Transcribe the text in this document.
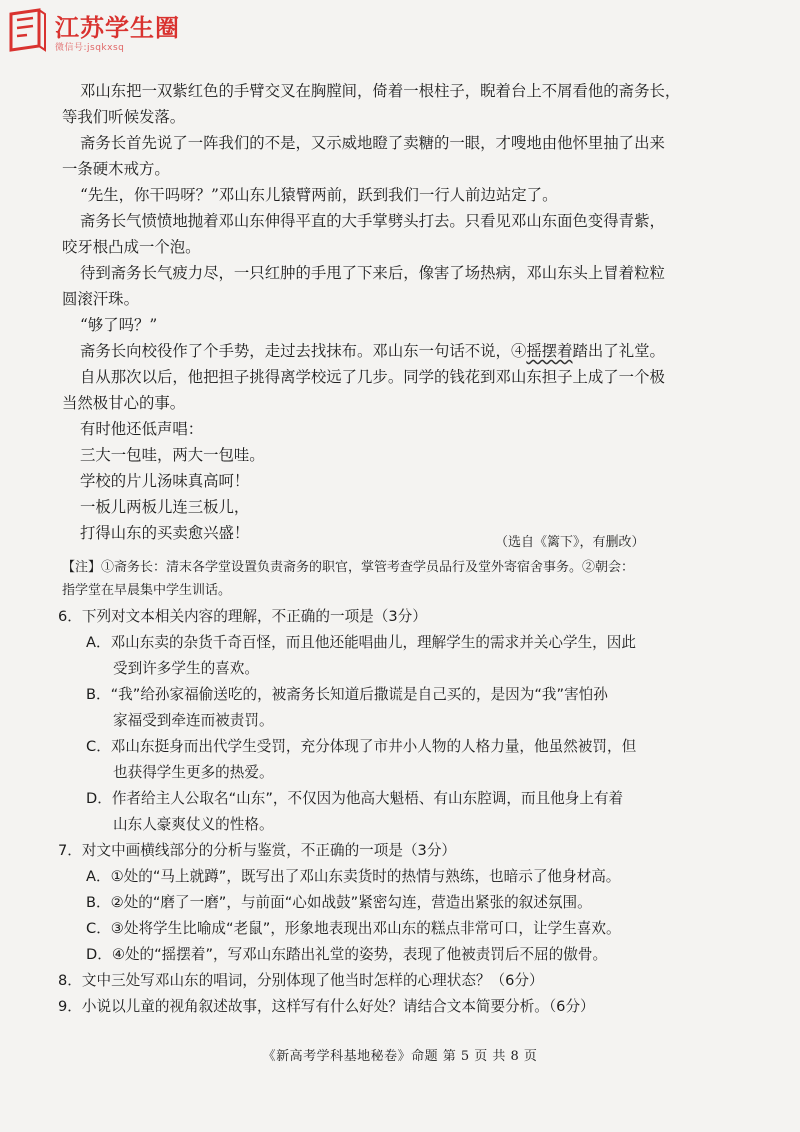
江苏学生圈
微信号:jsqkxsq
邓山东把一双紫红色的手臂交叉在胸膛间，倚着一根柱子，睨着台上不屑看他的斋务长，
等我们听候发落。
斋务长首先说了一阵我们的不是，又示威地瞪了卖糖的一眼，才嗖地由他怀里抽了出来
一条硬木戒方。
“先生，你干吗呀？”邓山东儿猿臂两前，跃到我们一行人前边站定了。
斋务长气愤愤地抛着邓山东伸得平直的大手掌劈头打去。只看见邓山东面色变得青紫，
咬牙根凸成一个泡。
待到斋务长气疲力尽，一只红肿的手甩了下来后，像害了场热病，邓山东头上冒着粒粒
圆滚汗珠。
“够了吗？”
斋务长向校役作了个手势，走过去找抹布。邓山东一句话不说，④摇摆着踏出了礼堂。
自从那次以后，他把担子挑得离学校远了几步。同学的钱花到邓山东担子上成了一个极
当然极甘心的事。
有时他还低声唱：
三大一包哇，两大一包哇。
学校的片儿汤味真高呵！
一板儿两板儿连三板儿，
打得山东的买卖愈兴盛！
（选自《篱下》，有删改）
【注】①斋务长：清末各学堂设置负责斋务的职官，掌管考查学员品行及堂外寄宿舍事务。②朝会：
指学堂在早晨集中学生训话。
6．下列对文本相关内容的理解，不正确的一项是（3分）
A．邓山东卖的杂货千奇百怪，而且他还能唱曲儿，理解学生的需求并关心学生，因此
受到许多学生的喜欢。
B．“我”给孙家福偷送吃的，被斋务长知道后撒谎是自己买的，是因为“我”害怕孙
家福受到牵连而被责罚。
C．邓山东挺身而出代学生受罚，充分体现了市井小人物的人格力量，他虽然被罚，但
也获得学生更多的热爱。
D．作者给主人公取名“山东”，不仅因为他高大魁梧、有山东腔调，而且他身上有着
山东人豪爽仗义的性格。
7．对文中画横线部分的分析与鉴赏，不正确的一项是（3分）
A．①处的“马上就蹲”，既写出了邓山东卖货时的热情与熟练，也暗示了他身材高。
B．②处的“磨了一磨”，与前面“心如战鼓”紧密勾连，营造出紧张的叙述氛围。
C．③处将学生比喻成“老鼠”，形象地表现出邓山东的糕点非常可口，让学生喜欢。
D．④处的“摇摆着”，写邓山东踏出礼堂的姿势，表现了他被责罚后不屈的傲骨。
8．文中三处写邓山东的唱词，分别体现了他当时怎样的心理状态？（6分）
9．小说以儿童的视角叙述故事，这样写有什么好处？请结合文本简要分析。（6分）
《新高考学科基地秘卷》命题 第 5 页 共 8 页
